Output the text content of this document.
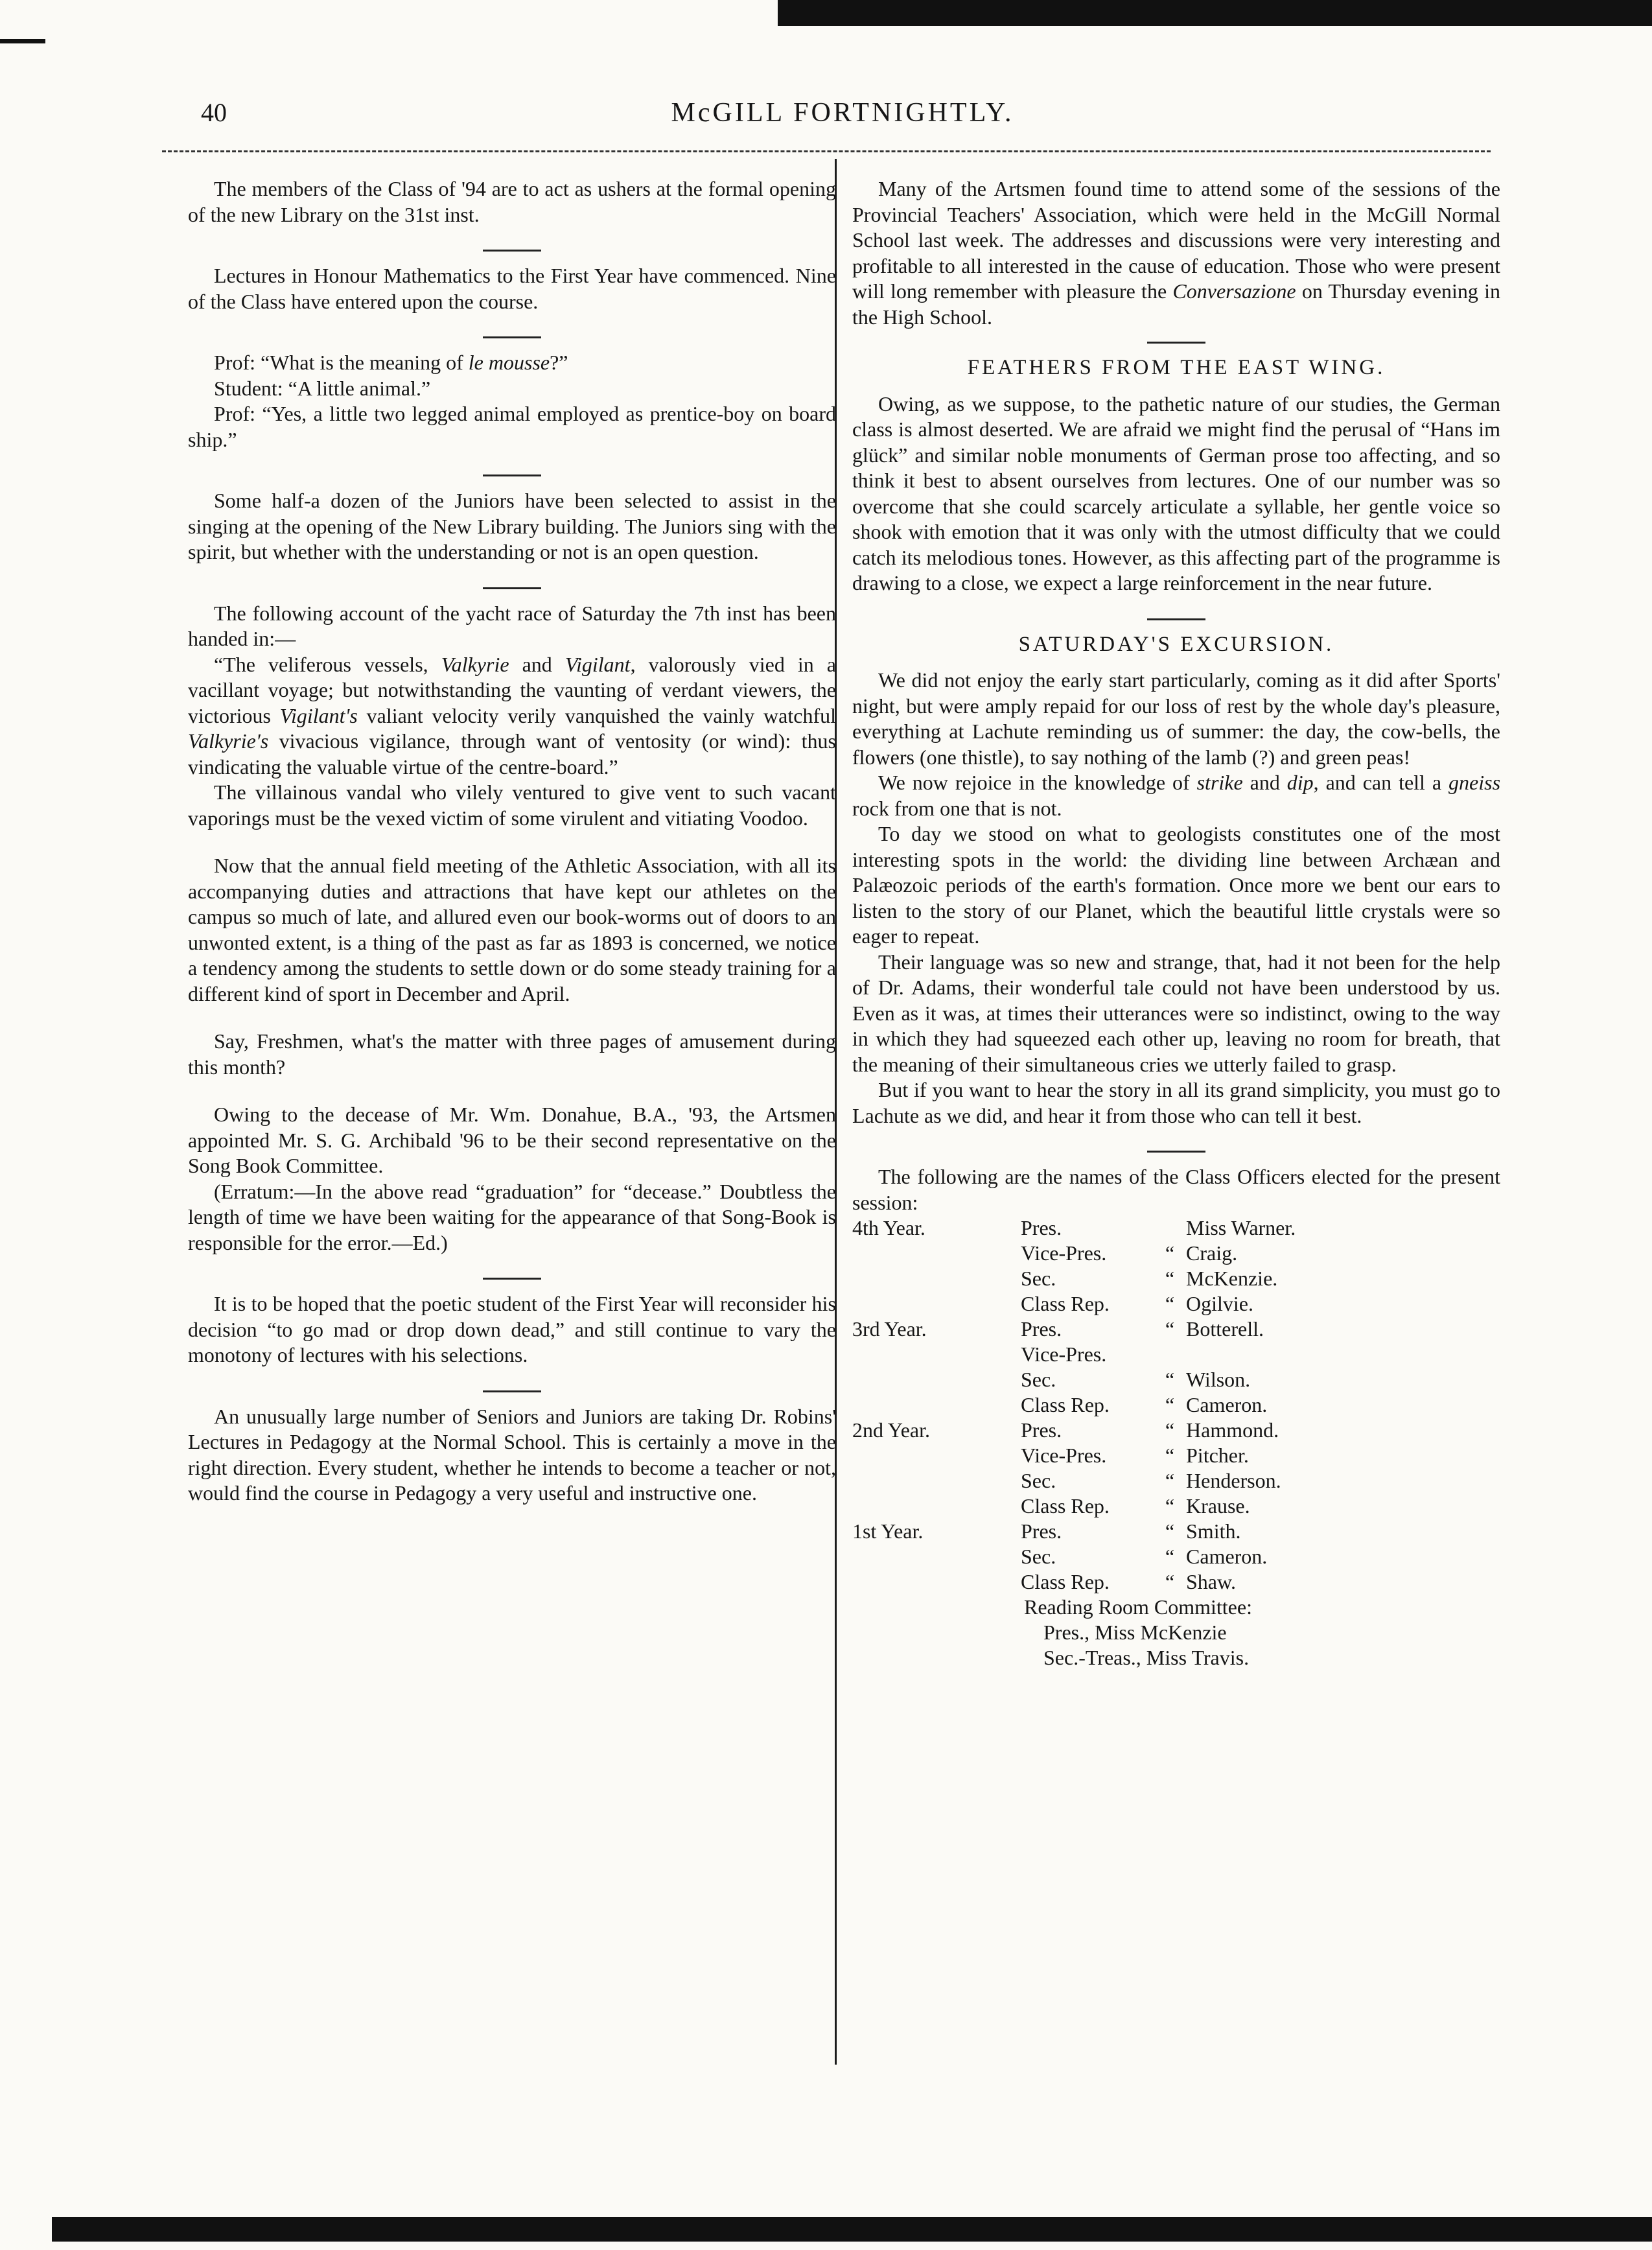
40	McGILL FORTNIGHTLY.

The members of the Class of '94 are to act as ushers at the formal opening of the new Library on the 31st inst.

Lectures in Honour Mathematics to the First Year have commenced. Nine of the Class have entered upon the course.

Prof: “What is the meaning of le mousse?”

Student: “A little animal.”

Prof: “Yes, a little two legged animal employed as prentice-boy on board ship.”

Some half-a dozen of the Juniors have been selected to assist in the singing at the opening of the New Library building. The Juniors sing with the spirit, but whether with the understanding or not is an open question.

The following account of the yacht race of Saturday the 7th inst has been handed in:—

“The veliferous vessels, Valkyrie and Vigilant, valorously vied in a vacillant voyage; but notwithstanding the vaunting of verdant viewers, the victorious Vigilant's valiant velocity verily vanquished the vainly watchful Valkyrie's vivacious vigilance, through want of ventosity (or wind): thus vindicating the valuable virtue of the centre-board.”

The villainous vandal who vilely ventured to give vent to such vacant vaporings must be the vexed victim of some virulent and vitiating Voodoo.

Now that the annual field meeting of the Athletic Association, with all its accompanying duties and attractions that have kept our athletes on the campus so much of late, and allured even our book-worms out of doors to an unwonted extent, is a thing of the past as far as 1893 is concerned, we notice a tendency among the students to settle down or do some steady training for a different kind of sport in December and April.

Say, Freshmen, what's the matter with three pages of amusement during this month?

Owing to the decease of Mr. Wm. Donahue, B.A., '93, the Artsmen appointed Mr. S. G. Archibald '96 to be their second representative on the Song Book Committee.

(Erratum:—In the above read “graduation” for “decease.” Doubtless the length of time we have been waiting for the appearance of that Song-Book is responsible for the error.—Ed.)

It is to be hoped that the poetic student of the First Year will reconsider his decision “to go mad or drop down dead,” and still continue to vary the monotony of lectures with his selections.

An unusually large number of Seniors and Juniors are taking Dr. Robins' Lectures in Pedagogy at the Normal School. This is certainly a move in the right direction. Every student, whether he intends to become a teacher or not, would find the course in Pedagogy a very useful and instructive one.

Many of the Artsmen found time to attend some of the sessions of the Provincial Teachers' Association, which were held in the McGill Normal School last week. The addresses and discussions were very interesting and profitable to all interested in the cause of education. Those who were present will long remember with pleasure the Conversazione on Thursday evening in the High School.

FEATHERS FROM THE EAST WING.

Owing, as we suppose, to the pathetic nature of our studies, the German class is almost deserted. We are afraid we might find the perusal of “Hans im glück” and similar noble monuments of German prose too affecting, and so think it best to absent ourselves from lectures. One of our number was so overcome that she could scarcely articulate a syllable, her gentle voice so shook with emotion that it was only with the utmost difficulty that we could catch its melodious tones. However, as this affecting part of the programme is drawing to a close, we expect a large reinforcement in the near future.

SATURDAY'S EXCURSION.

We did not enjoy the early start particularly, coming as it did after Sports' night, but were amply repaid for our loss of rest by the whole day's pleasure, everything at Lachute reminding us of summer: the day, the cow-bells, the flowers (one thistle), to say nothing of the lamb (?) and green peas!

We now rejoice in the knowledge of strike and dip, and can tell a gneiss rock from one that is not.

To day we stood on what to geologists constitutes one of the most interesting spots in the world: the dividing line between Archæan and Palæozoic periods of the earth's formation. Once more we bent our ears to listen to the story of our Planet, which the beautiful little crystals were so eager to repeat.

Their language was so new and strange, that, had it not been for the help of Dr. Adams, their wonderful tale could not have been understood by us. Even as it was, at times their utterances were so indistinct, owing to the way in which they had squeezed each other up, leaving no room for breath, that the meaning of their simultaneous cries we utterly failed to grasp.

But if you want to hear the story in all its grand simplicity, you must go to Lachute as we did, and hear it from those who can tell it best.

The following are the names of the Class Officers elected for the present session:

4th Year.	Pres.		Miss Warner.
	Vice-Pres.	“	Craig.
	Sec.	“	McKenzie.
	Class Rep.	“	Ogilvie.
3rd Year.	Pres.	“	Botterell.
	Vice-Pres.		
	Sec.	“	Wilson.
	Class Rep.	“	Cameron.
2nd Year.	Pres.	“	Hammond.
	Vice-Pres.	“	Pitcher.
	Sec.	“	Henderson.
	Class Rep.	“	Krause.
1st Year.	Pres.	“	Smith.
	Sec.	“	Cameron.
	Class Rep.	“	Shaw.
Reading Room Committee:
Pres., Miss McKenzie
Sec.-Treas., Miss Travis.
